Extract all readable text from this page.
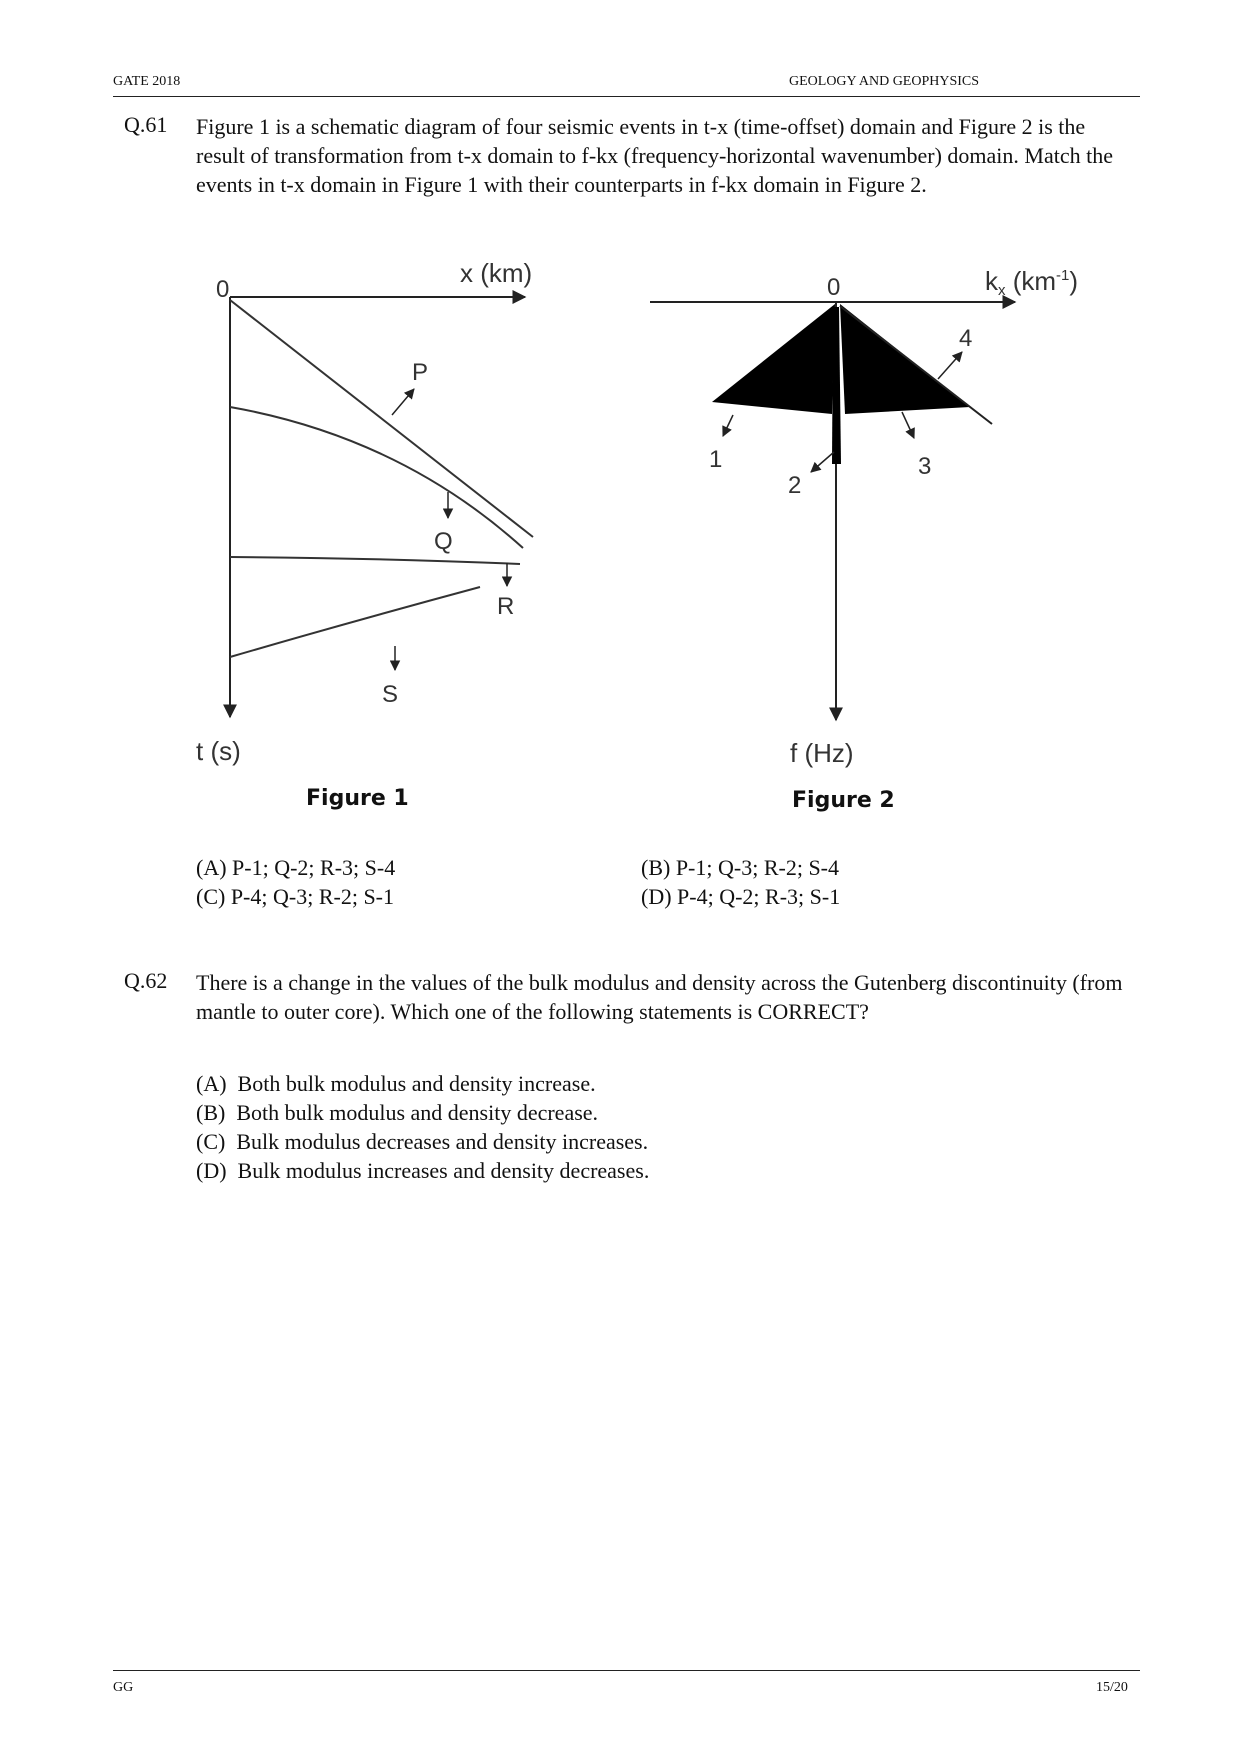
GATE 2018	GEOLOGY AND GEOPHYSICS
Q.61 Figure 1 is a schematic diagram of four seismic events in t-x (time-offset) domain and Figure 2 is the result of transformation from t-x domain to f-kx (frequency-horizontal wavenumber) domain. Match the events in t-x domain in Figure 1 with their counterparts in f-kx domain in Figure 2.
0
x (km)
t (s)
P
Q
R
S
Figure 1
0	kx $(km^{-1})$
f (Hz)
1
2
3
4
Figure 2
(A) P-1; Q-2; R-3; S-4	(B) P-1; Q-3; R-2; S-4
(C) P-4; Q-3; R-2; S-1	(D) P-4; Q-2; R-3; S-1
Q.62 There is a change in the values of the bulk modulus and density across the Gutenberg discontinuity (from mantle to outer core). Which one of the following statements is CORRECT?
(A)  Both bulk modulus and density increase.
(B)  Both bulk modulus and density decrease.
(C)  Bulk modulus decreases and density increases.
(D)  Bulk modulus increases and density decreases.
GG	15/20
